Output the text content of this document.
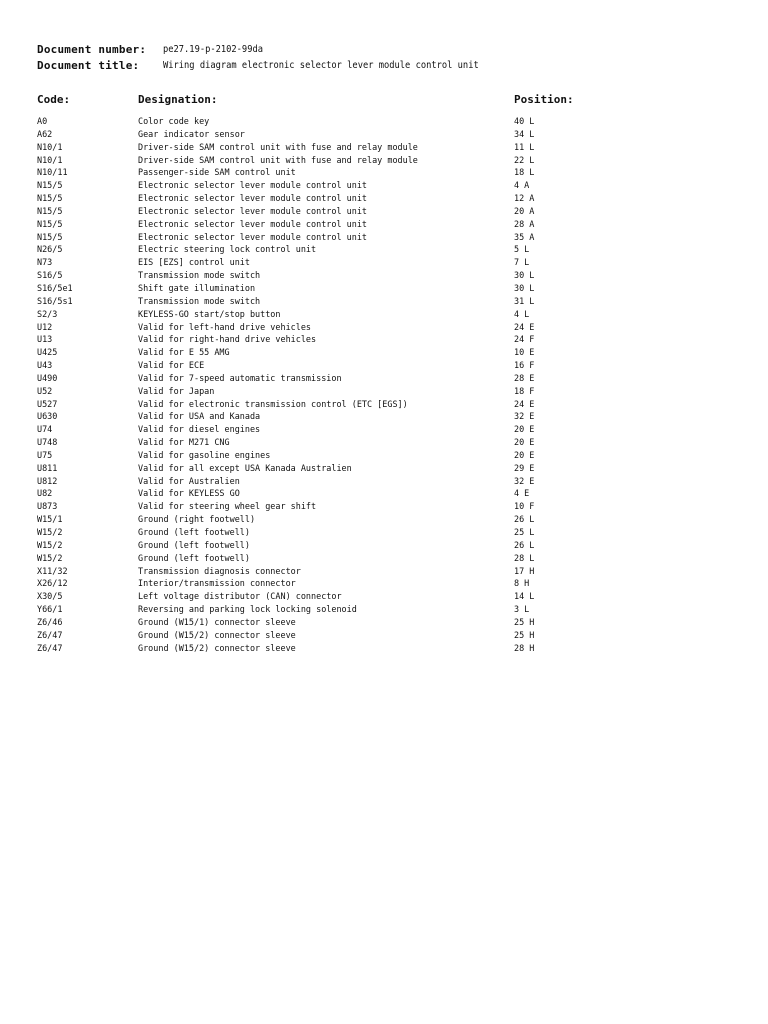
Document number: pe27.19-p-2102-99da
Document title: Wiring diagram electronic selector lever module control unit
Code:	Designation:	Position:
A0	Color code key	40 L
A62	Gear indicator sensor	34 L
N10/1	Driver-side SAM control unit with fuse and relay module	11 L
N10/1	Driver-side SAM control unit with fuse and relay module	22 L
N10/11	Passenger-side SAM control unit	18 L
N15/5	Electronic selector lever module control unit	4 A
N15/5	Electronic selector lever module control unit	12 A
N15/5	Electronic selector lever module control unit	20 A
N15/5	Electronic selector lever module control unit	28 A
N15/5	Electronic selector lever module control unit	35 A
N26/5	Electric steering lock control unit	5 L
N73	EIS [EZS] control unit	7 L
S16/5	Transmission mode switch	30 L
S16/5e1	Shift gate illumination	30 L
S16/5s1	Transmission mode switch	31 L
S2/3	KEYLESS-GO start/stop button	4 L
U12	Valid for left-hand drive vehicles	24 E
U13	Valid for right-hand drive vehicles	24 F
U425	Valid for E 55 AMG	10 E
U43	Valid for ECE	16 F
U490	Valid for 7-speed automatic transmission	28 E
U52	Valid for Japan	18 F
U527	Valid for electronic transmission control (ETC [EGS])	24 E
U630	Valid for USA and Kanada	32 E
U74	Valid for diesel engines	20 E
U748	Valid for M271 CNG	20 E
U75	Valid for gasoline engines	20 E
U811	Valid for all except USA Kanada Australien	29 E
U812	Valid for Australien	32 E
U82	Valid for KEYLESS GO	4 E
U873	Valid for steering wheel gear shift	10 F
W15/1	Ground (right footwell)	26 L
W15/2	Ground (left footwell)	25 L
W15/2	Ground (left footwell)	26 L
W15/2	Ground (left footwell)	28 L
X11/32	Transmission diagnosis connector	17 H
X26/12	Interior/transmission connector	8 H
X30/5	Left voltage distributor (CAN) connector	14 L
Y66/1	Reversing and parking lock locking solenoid	3 L
Z6/46	Ground (W15/1) connector sleeve	25 H
Z6/47	Ground (W15/2) connector sleeve	25 H
Z6/47	Ground (W15/2) connector sleeve	28 H
